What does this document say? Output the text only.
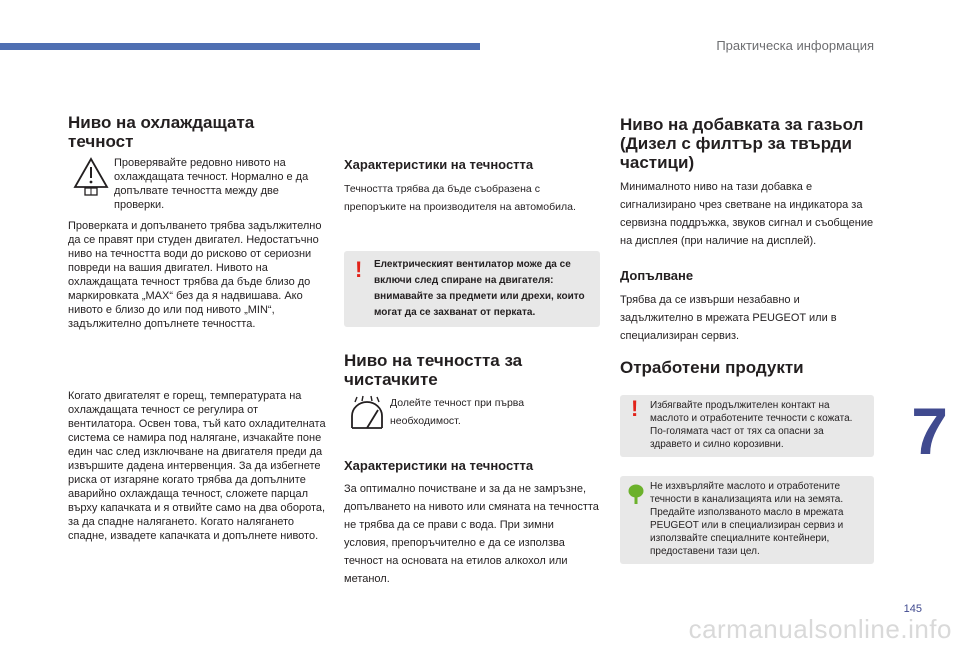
Практическа информация
7
145
carmanualsonline.info
Ниво на охлаждащата течност

Проверявайте редовно нивото на охлаждащата течност. Нормално е да допълвате течността между две проверки.

Проверката и допълването трябва задължително да се правят при студен двигател. Недостатъчно ниво на течността води до рисково от сериозни повреди на вашия двигател. Нивото на охлаждащата течност трябва да бъде близо до маркировката „MAX“ без да я надвишава. Ако нивото е близо до или под нивото „MIN“, задължително допълнете течността.

Когато двигателят е горещ, температурата на охлаждащата течност се регулира от вентилатора. Освен това, тъй като охладителната система се намира под налягане, изчакайте поне един час след изключване на двигателя преди да извършите дадена интервенция. За да избегнете риска от изгаряне когато трябва да допълните аварийно охлаждаща течност, сложете парцал върху капачката и я отвийте само на два оборота, за да спадне налягането. Когато налягането спадне, извадете капачката и допълнете нивото.

Характеристики на течността

Течността трябва да бъде съобразена с препоръките на производителя на автомобила.

! Електрическият вентилатор може да се включи след спиране на двигателя: внимавайте за предмети или дрехи, които могат да се захванат от перката.

Ниво на течността за чистачките

Долейте течност при първа необходимост.

Характеристики на течността

За оптимално почистване и за да не замръзне, допълването на нивото или смяната на течността не трябва да се прави с вода. При зимни условия, препоръчително е да се използва течност на основата на етилов алкохол или метанол.

Ниво на добавката за газьол (Дизел с филтър за твърди частици)

Минималното ниво на тази добавка е сигнализирано чрез светване на индикатора за сервизна поддръжка, звуков сигнал и съобщение на дисплея (при наличие на дисплей).

Допълване

Трябва да се извърши незабавно и задължително в мрежата PEUGEOT или в специализиран сервиз.

Отработени продукти
! Избягвайте продължителен контакт на маслото и отработените течности с кожата. По-голямата част от тях са опасни за здравето и силно корозивни.

Не изхвърляйте маслото и отработените течности в канализацията или на земята. Предайте използваното масло в мрежата PEUGEOT или в специализиран сервиз и използвайте специалните контейнери, предоставени тази цел.
